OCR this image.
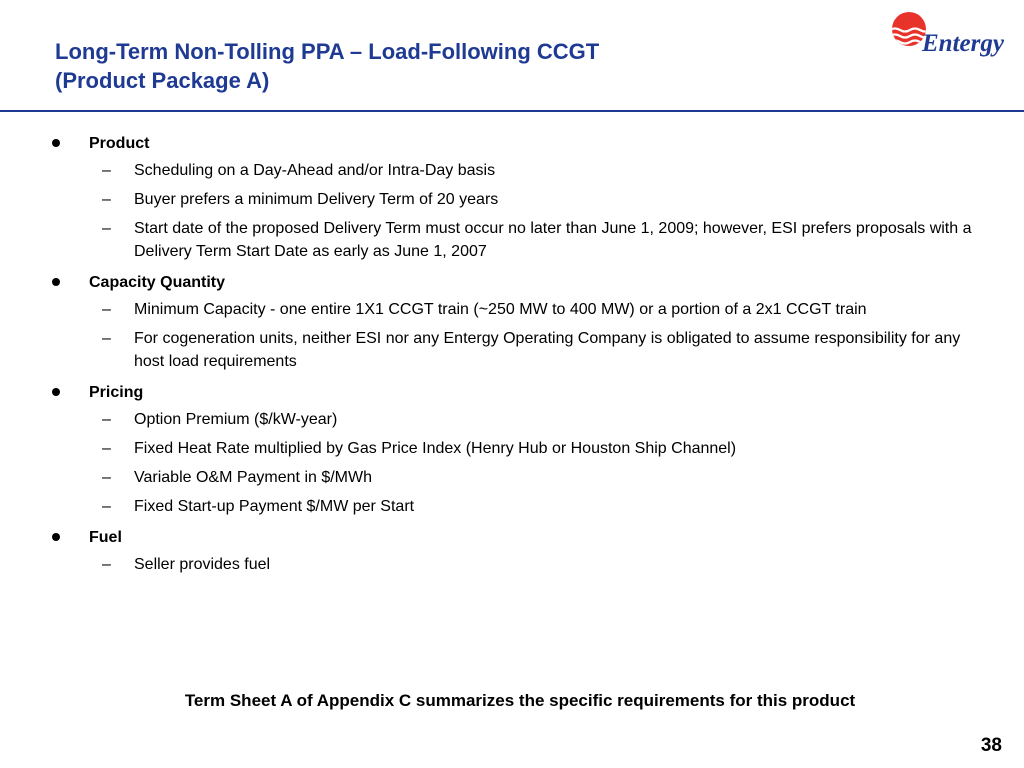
Long-Term Non-Tolling PPA – Load-Following CCGT
(Product Package A)
Entergy
Product
– Scheduling on a Day-Ahead and/or Intra-Day basis
– Buyer prefers a minimum Delivery Term of 20 years
– Start date of the proposed Delivery Term must occur no later than June 1, 2009; however, ESI prefers proposals with a Delivery Term Start Date as early as June 1, 2007
Capacity Quantity
– Minimum Capacity - one entire 1X1 CCGT train (~250 MW to 400 MW) or a portion of a 2x1 CCGT train
– For cogeneration units, neither ESI nor any Entergy Operating Company is obligated to assume responsibility for any host load requirements
Pricing
– Option Premium ($/kW-year)
– Fixed Heat Rate multiplied by Gas Price Index (Henry Hub or Houston Ship Channel)
– Variable O&M Payment in $/MWh
– Fixed Start-up Payment $/MW per Start
Fuel
– Seller provides fuel
Term Sheet A of Appendix C summarizes the specific requirements for this product
38
